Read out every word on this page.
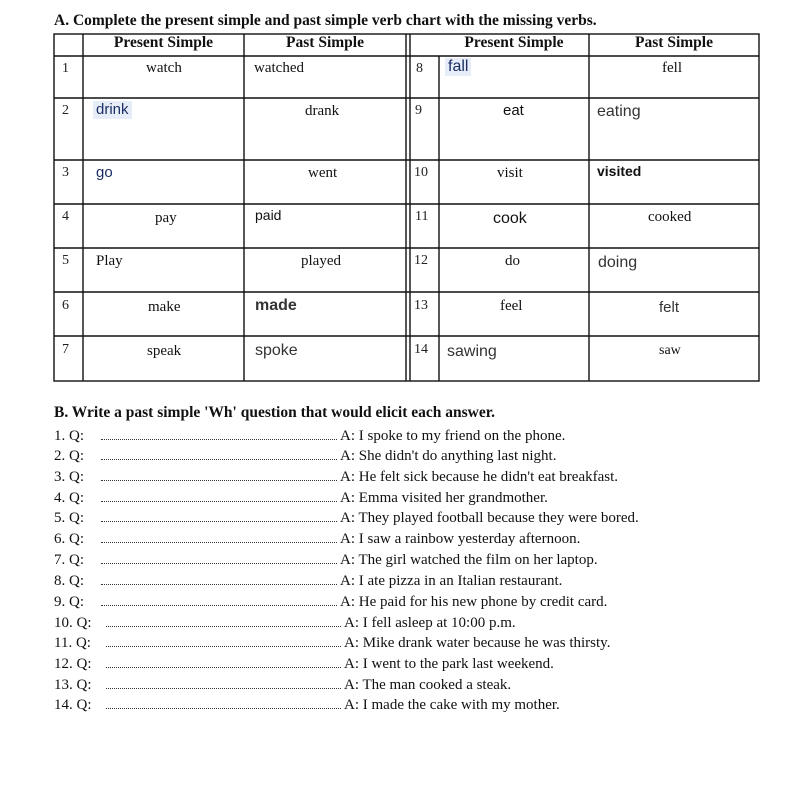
A. Complete the present simple and past simple verb chart with the missing verbs.
Present Simple	Past Simple	Present Simple	Past Simple
1	watch	watched	8 fall	fell
2 drink	drank	9	eat	eating
3 go	went	10	visit	visited
4	pay	paid	11	cook	cooked
5 Play	played	12	do	doing
6	make	made	13	feel	felt
7	speak	spoke	14 sawing	saw
B. Write a past simple 'Wh' question that would elicit each answer.
1. Q:	A: I spoke to my friend on the phone.
2. Q:	A: She didn't do anything last night.
3. Q:	A: He felt sick because he didn't eat breakfast.
4. Q:	A: Emma visited her grandmother.
5. Q:	A: They played football because they were bored.
6. Q:	A: I saw a rainbow yesterday afternoon.
7. Q:	A: The girl watched the film on her laptop.
8. Q:	A: I ate pizza in an Italian restaurant.
9. Q:	A: He paid for his new phone by credit card.
10. Q:	A: I fell asleep at 10:00 p.m.
11. Q:	A: Mike drank water because he was thirsty.
12. Q:	A: I went to the park last weekend.
13. Q:	A: The man cooked a steak.
14. Q:	A: I made the cake with my mother.
